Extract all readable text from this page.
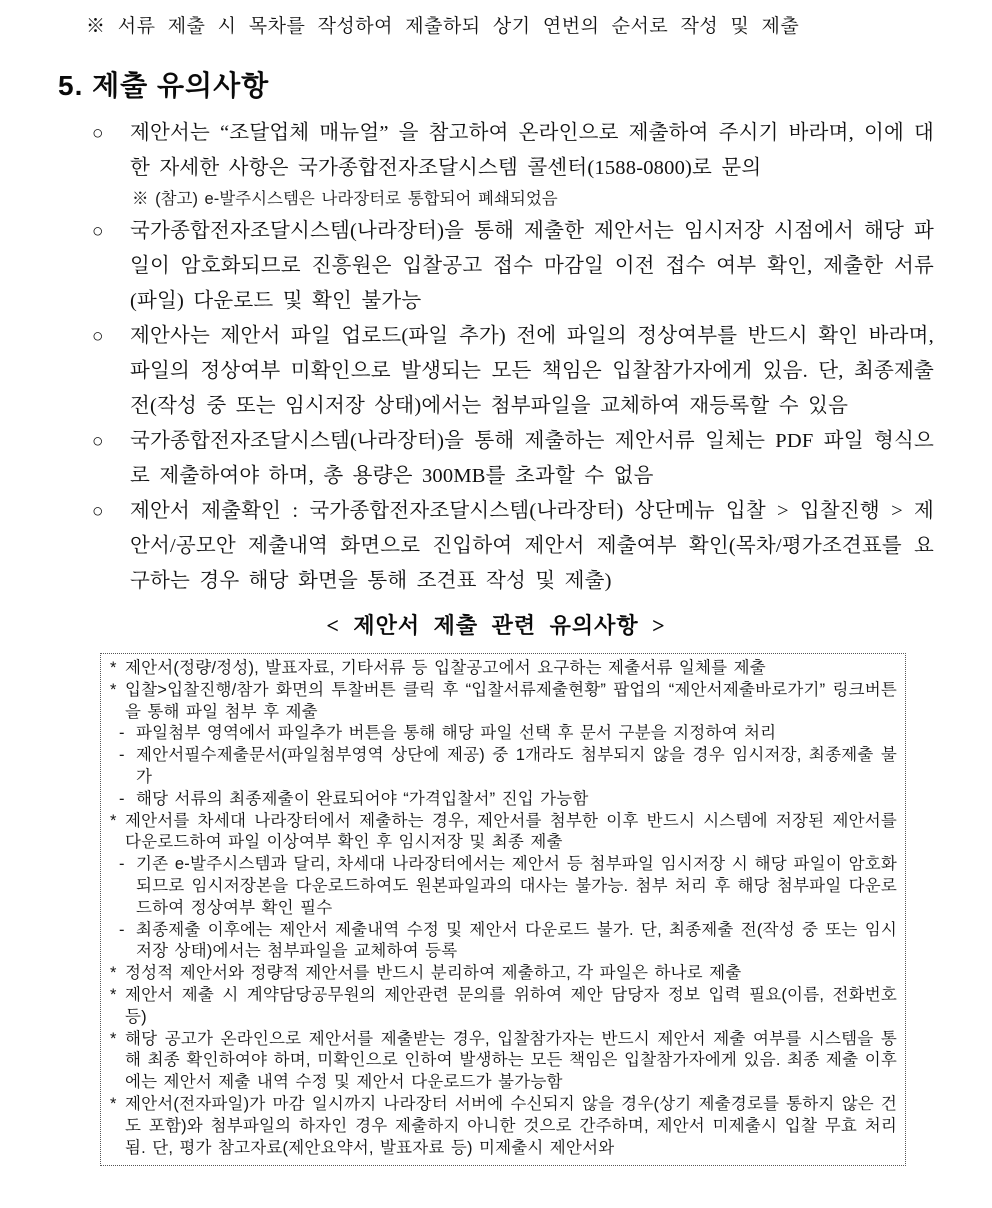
※ 서류 제출 시 목차를 작성하여 제출하되 상기 연번의 순서로 작성 및 제출

5. 제출 유의사항
○	제안서는 “조달업체 매뉴얼” 을 참고하여 온라인으로 제출하여 주시기 바라며, 이에 대한 자세한 사항은 국가종합전자조달시스템 콜센터(1588-0800)로 문의

※ (참고) e-발주시스템은 나라장터로 통합되어 폐쇄되었음

○	국가종합전자조달시스템(나라장터)을 통해 제출한 제안서는 임시저장 시점에서 해당 파일이 암호화되므로 진흥원은 입찰공고 접수 마감일 이전 접수 여부 확인, 제출한 서류(파일) 다운로드 및 확인 불가능

○	제안사는 제안서 파일 업로드(파일 추가) 전에 파일의 정상여부를 반드시 확인 바라며, 파일의 정상여부 미확인으로 발생되는 모든 책임은 입찰참가자에게 있음. 단, 최종제출 전(작성 중 또는 임시저장 상태)에서는 첨부파일을 교체하여 재등록할 수 있음

○	국가종합전자조달시스템(나라장터)을 통해 제출하는 제안서류 일체는 PDF 파일 형식으로 제출하여야 하며, 총 용량은 300MB를 초과할 수 없음

○	제안서 제출확인 : 국가종합전자조달시스템(나라장터) 상단메뉴 입찰 > 입찰진행 > 제안서/공모안 제출내역 화면으로 진입하여 제안서 제출여부 확인(목차/평가조견표를 요구하는 경우 해당 화면을 통해 조견표 작성 및 제출)

< 제안서 제출 관련 유의사항 >
* 제안서(정량/정성), 발표자료, 기타서류 등 입찰공고에서 요구하는 제출서류 일체를 제출

* 입찰>입찰진행/참가 화면의 투찰버튼 클릭 후 “입찰서류제출현황” 팝업의 “제안서제출바로가기” 링크버튼을 통해 파일 첨부 후 제출

- 파일첨부 영역에서 파일추가 버튼을 통해 해당 파일 선택 후 문서 구분을 지정하여 처리

- 제안서필수제출문서(파일첨부영역 상단에 제공) 중 1개라도 첨부되지 않을 경우 임시저장, 최종제출 불가

- 해당 서류의 최종제출이 완료되어야 “가격입찰서” 진입 가능함

* 제안서를 차세대 나라장터에서 제출하는 경우, 제안서를 첨부한 이후 반드시 시스템에 저장된 제안서를 다운로드하여 파일 이상여부 확인 후 임시저장 및 최종 제출

- 기존 e-발주시스템과 달리, 차세대 나라장터에서는 제안서 등 첨부파일 임시저장 시 해당 파일이 암호화되므로 임시저장본을 다운로드하여도 원본파일과의 대사는 불가능. 첨부 처리 후 해당 첨부파일 다운로드하여 정상여부 확인 필수

- 최종제출 이후에는 제안서 제출내역 수정 및 제안서 다운로드 불가. 단, 최종제출 전(작성 중 또는 임시저장 상태)에서는 첨부파일을 교체하여 등록

* 정성적 제안서와 정량적 제안서를 반드시 분리하여 제출하고, 각 파일은 하나로 제출

* 제안서 제출 시 계약담당공무원의 제안관련 문의를 위하여 제안 담당자 정보 입력 필요(이름, 전화번호 등)

* 해당 공고가 온라인으로 제안서를 제출받는 경우, 입찰참가자는 반드시 제안서 제출 여부를 시스템을 통해 최종 확인하여야 하며, 미확인으로 인하여 발생하는 모든 책임은 입찰참가자에게 있음. 최종 제출 이후에는 제안서 제출 내역 수정 및 제안서 다운로드가 불가능함

* 제안서(전자파일)가 마감 일시까지 나라장터 서버에 수신되지 않을 경우(상기 제출경로를 통하지 않은 건도 포함)와 첨부파일의 하자인 경우 제출하지 아니한 것으로 간주하며, 제안서 미제출시 입찰 무효 처리됨. 단, 평가 참고자료(제안요약서, 발표자료 등) 미제출시 제안서와
